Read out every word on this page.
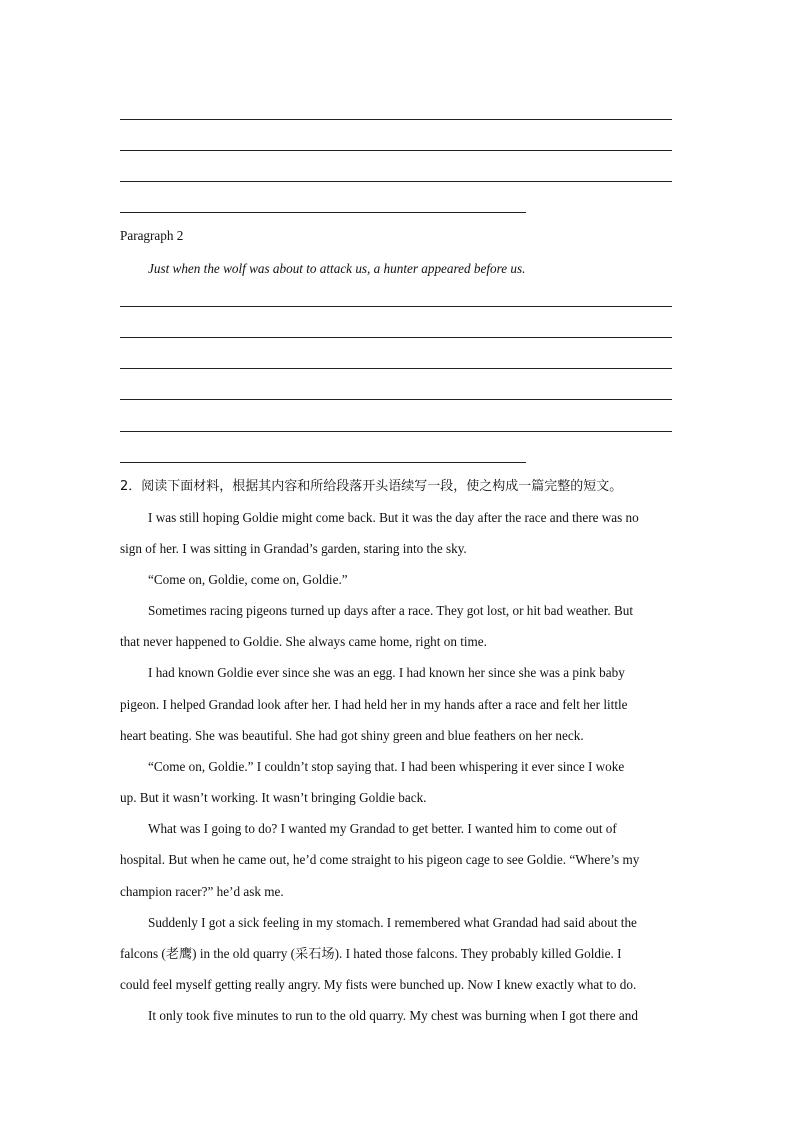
Paragraph 2
Just when the wolf was about to attack us, a hunter appeared before us.
2．阅读下面材料，根据其内容和所给段落开头语续写一段，使之构成一篇完整的短文。
I was still hoping Goldie might come back. But it was the day after the race and there was no
sign of her. I was sitting in Grandad’s garden, staring into the sky.
“Come on, Goldie, come on, Goldie.”
Sometimes racing pigeons turned up days after a race. They got lost, or hit bad weather. But
that never happened to Goldie. She always came home, right on time.
I had known Goldie ever since she was an egg. I had known her since she was a pink baby
pigeon. I helped Grandad look after her. I had held her in my hands after a race and felt her little
heart beating. She was beautiful. She had got shiny green and blue feathers on her neck.
“Come on, Goldie.” I couldn’t stop saying that. I had been whispering it ever since I woke
up. But it wasn’t working. It wasn’t bringing Goldie back.
What was I going to do? I wanted my Grandad to get better. I wanted him to come out of
hospital. But when he came out, he’d come straight to his pigeon cage to see Goldie. “Where’s my
champion racer?” he’d ask me.
Suddenly I got a sick feeling in my stomach. I remembered what Grandad had said about the
falcons (老鹰) in the old quarry (采石场). I hated those falcons. They probably killed Goldie. I
could feel myself getting really angry. My fists were bunched up. Now I knew exactly what to do.
It only took five minutes to run to the old quarry. My chest was burning when I got there and
